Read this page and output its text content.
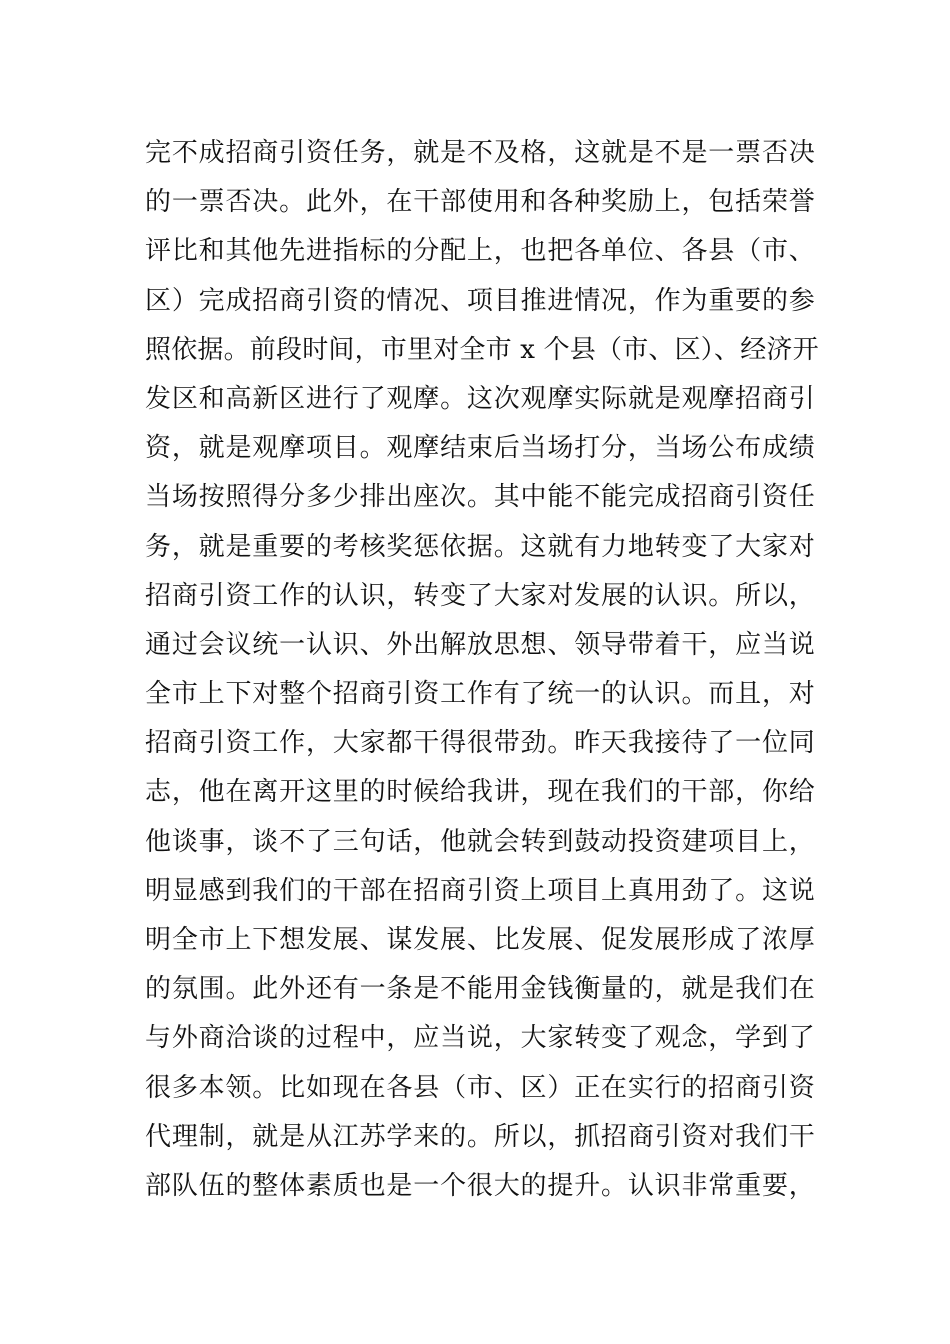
完不成招商引资任务，就是不及格，这就是不是一票否决
的一票否决。此外，在干部使用和各种奖励上，包括荣誉
评比和其他先进指标的分配上，也把各单位、各县（市、
区）完成招商引资的情况、项目推进情况，作为重要的参
照依据。前段时间，市里对全市 x 个县（市、区）、经济开
发区和高新区进行了观摩。这次观摩实际就是观摩招商引
资，就是观摩项目。观摩结束后当场打分，当场公布成绩
当场按照得分多少排出座次。其中能不能完成招商引资任
务，就是重要的考核奖惩依据。这就有力地转变了大家对
招商引资工作的认识，转变了大家对发展的认识。所以，
通过会议统一认识、外出解放思想、领导带着干，应当说
全市上下对整个招商引资工作有了统一的认识。而且，对
招商引资工作，大家都干得很带劲。昨天我接待了一位同
志，他在离开这里的时候给我讲，现在我们的干部，你给
他谈事，谈不了三句话，他就会转到鼓动投资建项目上，
明显感到我们的干部在招商引资上项目上真用劲了。这说
明全市上下想发展、谋发展、比发展、促发展形成了浓厚
的氛围。此外还有一条是不能用金钱衡量的，就是我们在
与外商洽谈的过程中，应当说，大家转变了观念，学到了
很多本领。比如现在各县（市、区）正在实行的招商引资
代理制，就是从江苏学来的。所以，抓招商引资对我们干
部队伍的整体素质也是一个很大的提升。认识非常重要，
